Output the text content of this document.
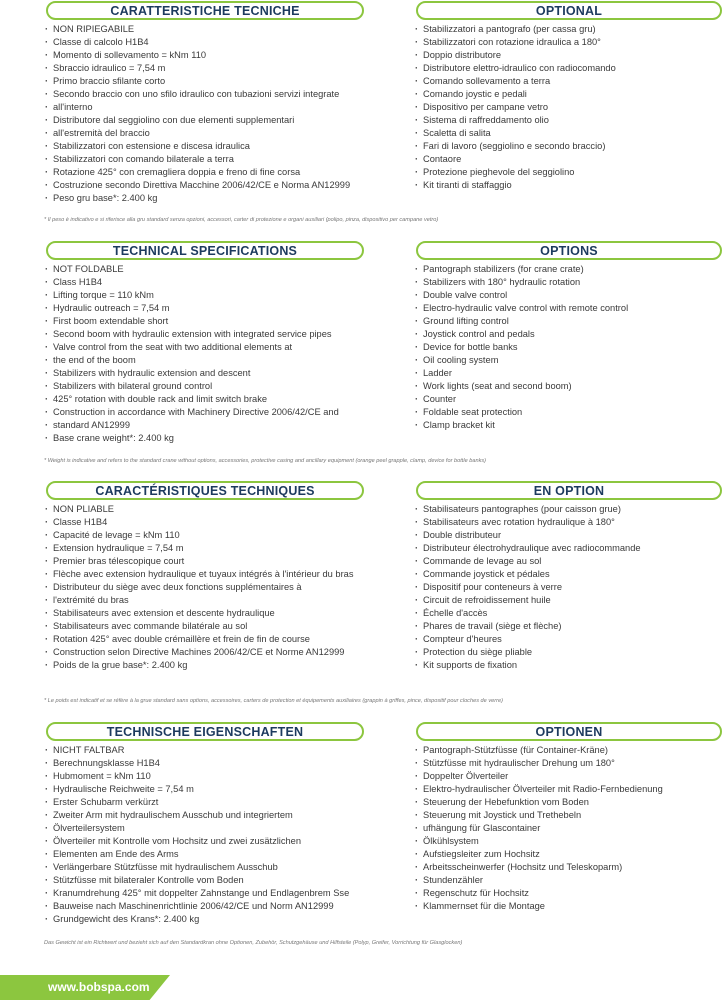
CARATTERISTICHE TECNICHE
· NON RIPIEGABILE
· Classe di calcolo H1B4
· Momento di sollevamento = kNm 110
· Sbraccio idraulico = 7,54 m
· Primo braccio sfilante corto
· Secondo braccio con uno sfilo idraulico con tubazioni servizi integrate
· all'interno
· Distributore dal seggiolino con due elementi supplementari
· all'estremità del braccio
· Stabilizzatori con estensione e discesa idraulica
· Stabilizzatori con comando bilaterale a terra
· Rotazione 425° con cremagliera doppia e freno di fine corsa
· Costruzione secondo Direttiva Macchine 2006/42/CE e Norma AN12999
· Peso gru base*: 2.400 kg
OPTIONAL
· Stabilizzatori a pantografo (per cassa gru)
· Stabilizzatori con rotazione idraulica a 180°
· Doppio distributore
· Distributore elettro-idraulico con radiocomando
· Comando sollevamento a terra
· Comando joystic e pedali
· Dispositivo per campane vetro
· Sistema di raffreddamento olio
· Scaletta di salita
· Fari di lavoro (seggiolino e secondo braccio)
· Contaore
· Protezione pieghevole del seggiolino
· Kit tiranti di staffaggio
* Il peso è indicativo e si riferisce alla gru standard senza opzioni, accessori, carter di protezione e organi ausiliari (polipo, pinza, dispositivo per campane vetro)
TECHNICAL SPECIFICATIONS
· NOT FOLDABLE
· Class H1B4
· Lifting torque = 110 kNm
· Hydraulic outreach = 7,54 m
· First boom extendable short
· Second boom with hydraulic extension with integrated service pipes
· Valve control from the seat with two additional elements at
· the end of the boom
· Stabilizers with hydraulic extension and descent
· Stabilizers with bilateral ground control
· 425° rotation with double rack and limit switch brake
· Construction in accordance with Machinery Directive 2006/42/CE and
· standard AN12999
· Base crane weight*: 2.400 kg
OPTIONS
· Pantograph stabilizers (for crane crate)
· Stabilizers with 180° hydraulic rotation
· Double valve control
· Electro-hydraulic valve control with remote control
· Ground lifting control
· Joystick control and pedals
· Device for bottle banks
· Oil cooling system
· Ladder
· Work lights (seat and second boom)
· Counter
· Foldable seat protection
· Clamp bracket kit
* Weight is indicative and refers to the standard crane without options, accessories, protective casing and ancillary equipment (orange peel grapple, clamp, device for bottle banks)
CARACTÉRISTIQUES TECHNIQUES
· NON PLIABLE
· Classe H1B4
· Capacité de levage = kNm 110
· Extension hydraulique = 7,54 m
· Premier bras télescopique court
· Flèche avec extension hydraulique et tuyaux intégrés à l'intérieur du bras
· Distributeur du siège avec deux fonctions supplémentaires à
· l'extrémité du bras
· Stabilisateurs avec extension et descente hydraulique
· Stabilisateurs avec commande bilatérale au sol
· Rotation 425° avec double crémaillère et frein de fin de course
· Construction selon Directive Machines 2006/42/CE et Norme AN12999
· Poids de la grue base*: 2.400 kg
EN OPTION
· Stabilisateurs pantographes (pour caisson grue)
· Stabilisateurs avec rotation hydraulique à 180°
· Double distributeur
· Distributeur électrohydraulique avec radiocommande
· Commande de levage au sol
· Commande joystick et pédales
· Dispositif pour conteneurs à verre
· Circuit de refroidissement huile
· Échelle d'accès
· Phares de travail (siège et flèche)
· Compteur d'heures
· Protection du siège pliable
· Kit supports de fixation
* Le poids est indicatif et se réfère à la grue standard sans options, accessoires, carters de protection et équipements auxiliaires (grappin à griffes, pince, dispositif pour cloches de verre)
TECHNISCHE EIGENSCHAFTEN
· NICHT FALTBAR
· Berechnungsklasse H1B4
· Hubmoment = kNm 110
· Hydraulische Reichweite = 7,54 m
· Erster Schubarm verkürzt
· Zweiter Arm mit hydraulischem Ausschub und integriertem
· Ölverteilersystem
· Ölverteiler mit Kontrolle vom Hochsitz und zwei zusätzlichen
· Elementen am Ende des Arms
· Verlängerbare Stützfüsse mit hydraulischem Ausschub
· Stützfüsse mit bilateraler Kontrolle vom Boden
· Kranumdrehung 425° mit doppelter Zahnstange und Endlagenbrem Sse
· Bauweise nach Maschinenrichtlinie 2006/42/CE und Norm AN12999
· Grundgewicht des Krans*: 2.400 kg
OPTIONEN
· Pantograph-Stützfüsse (für Container-Kräne)
· Stützfüsse mit hydraulischer Drehung um 180°
· Doppelter Ölverteiler
· Elektro-hydraulischer Ölverteiler mit Radio-Fernbedienung
· Steuerung der Hebefunktion vom Boden
· Steuerung mit Joystick und Trethebeln
· ufhängung für Glascontainer
· Ölkühlsystem
· Aufstiegsleiter zum Hochsitz
· Arbeitsscheinwerfer (Hochsitz und Teleskoparm)
· Stundenzähler
· Regenschutz für Hochsitz
· Klammernset für die Montage
Das Gewicht ist ein Richtwert und bezieht sich auf den Standardkran ohne Optionen, Zubehör, Schutzgehäuse und Hilfsteile (Polyp, Greifer, Vorrichtung für Glasglocken)
www.bobspa.com
